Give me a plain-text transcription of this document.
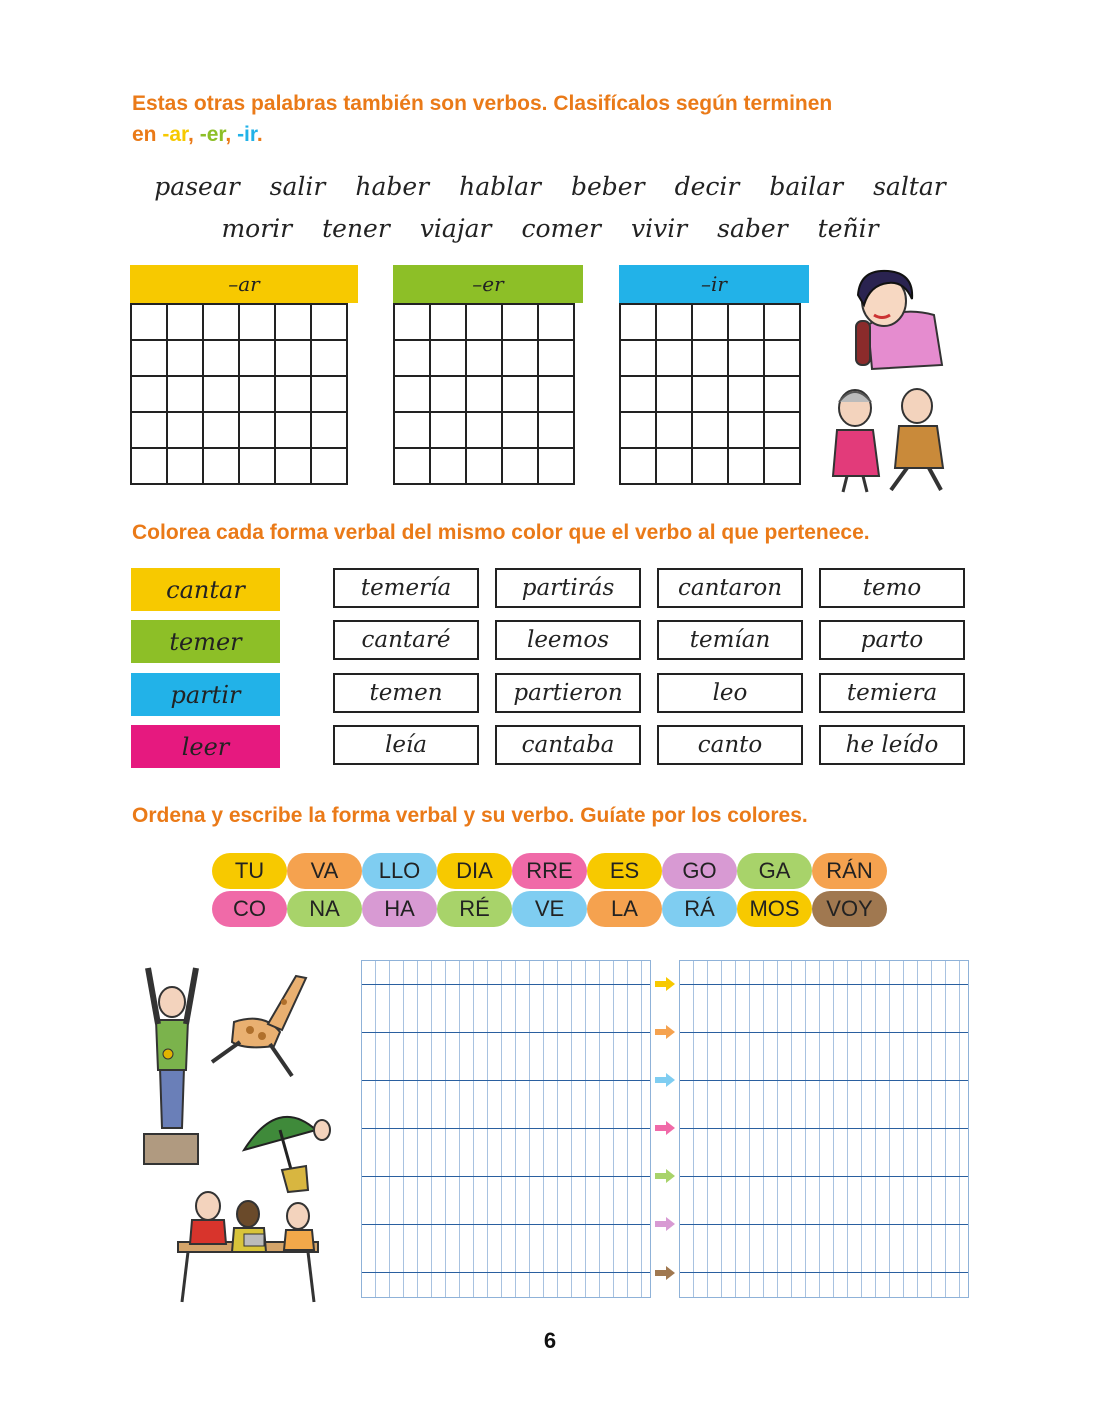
Estas otras palabras también son verbos. Clasifícalos según terminen
en -ar, -er, -ir.

pasear salir haber hablar beber decir bailar saltar
morir tener viajar comer vivir saber teñir
–ar

						–er

					–ir

Colorea cada forma verbal del mismo color que el verbo al que pertenece.

cantar
temer
partir
leer
temería	partirás	cantaron	temo
cantaré	leemos	temían	parto
temen	partieron	leo	temiera
leía	cantaba	canto	he leído

Ordena y escribe la forma verbal y su verbo. Guíate por los colores.

TU	VA	LLO	DIA	RRE	ES	GO	GA	RÁN
CO	NA	HA	RÉ	VE	LA	RÁ	MOS	VOY
6
